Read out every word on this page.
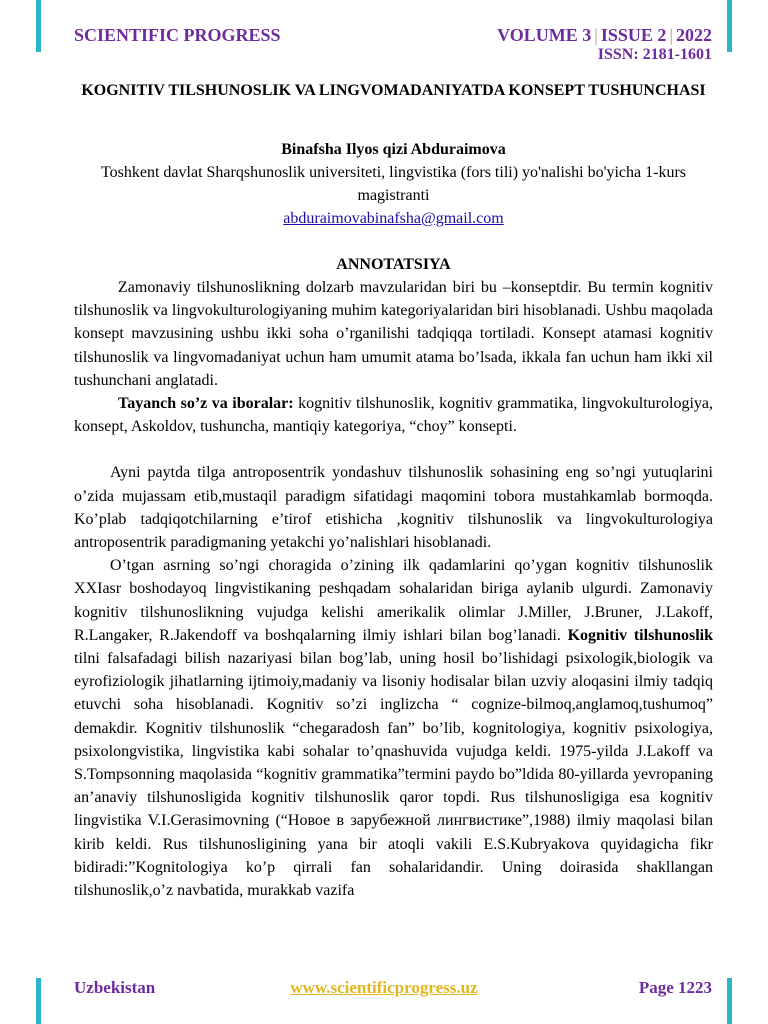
SCIENTIFIC PROGRESS	VOLUME 3 | ISSUE 2 | 2022
ISSN: 2181-1601

KOGNITIV TILSHUNOSLIK VA LINGVOMADANIYATDA KONSEPT TUSHUNCHASI

Binafsha Ilyos qizi Abduraimova

Toshkent davlat Sharqshunoslik universiteti, lingvistika (fors tili) yo'nalishi bo'yicha 1-kurs magistranti

abduraimovabinafsha@gmail.com

ANNOTATSIYA

Zamonaviy tilshunoslikning dolzarb mavzularidan biri bu –konseptdir. Bu termin kognitiv tilshunoslik va lingvokulturologiyaning muhim kategoriyalaridan biri hisoblanadi. Ushbu maqolada konsept mavzusining ushbu ikki soha o’rganilishi tadqiqqa tortiladi. Konsept atamasi kognitiv tilshunoslik va lingvomadaniyat uchun ham umumit atama bo’lsada, ikkala fan uchun ham ikki xil tushunchani anglatadi.

Tayanch so’z va iboralar: kognitiv tilshunoslik, kognitiv grammatika, lingvokulturologiya, konsept, Askoldov, tushuncha, mantiqiy kategoriya, “choy” konsepti.

Ayni paytda tilga antroposentrik yondashuv tilshunoslik sohasining eng so’ngi yutuqlarini o’zida mujassam etib,mustaqil paradigm sifatidagi maqomini tobora mustahkamlab bormoqda. Ko’plab tadqiqotchilarning e’tirof etishicha ,kognitiv tilshunoslik va lingvokulturologiya antroposentrik paradigmaning yetakchi yo’nalishlari hisoblanadi.

O’tgan asrning so’ngi choragida o’zining ilk qadamlarini qo’ygan kognitiv tilshunoslik XXIasr boshodayoq lingvistikaning peshqadam sohalaridan biriga aylanib ulgurdi. Zamonaviy kognitiv tilshunoslikning vujudga kelishi amerikalik olimlar J.Miller, J.Bruner, J.Lakoff, R.Langaker, R.Jakendoff va boshqalarning ilmiy ishlari bilan bog’lanadi. Kognitiv tilshunoslik tilni falsafadagi bilish nazariyasi bilan bog’lab, uning hosil bo’lishidagi psixologik,biologik va eyrofiziologik jihatlarning ijtimoiy,madaniy va lisoniy hodisalar bilan uzviy aloqasini ilmiy tadqiq etuvchi soha hisoblanadi. Kognitiv so’zi inglizcha “ cognize-bilmoq,anglamoq,tushumoq” demakdir. Kognitiv tilshunoslik “chegaradosh fan” bo’lib, kognitologiya, kognitiv psixologiya, psixolongvistika, lingvistika kabi sohalar to’qnashuvida vujudga keldi. 1975-yilda J.Lakoff va S.Tompsonning maqolasida “kognitiv grammatika”termini paydo bo”ldida 80-yillarda yevropaning an’anaviy tilshunosligida kognitiv tilshunoslik qaror topdi. Rus tilshunosligiga esa kognitiv lingvistika V.I.Gerasimovning (“Новое в зарубежной лингвистике”,1988) ilmiy maqolasi bilan kirib keldi. Rus tilshunosligining yana bir atoqli vakili E.S.Kubryakova quyidagicha fikr bidiradi:”Kognitologiya ko’p qirrali fan sohalaridandir. Uning doirasida shakllangan tilshunoslik,o’z navbatida, murakkab vazifa

Uzbekistan	www.scientificprogress.uz	Page 1223
